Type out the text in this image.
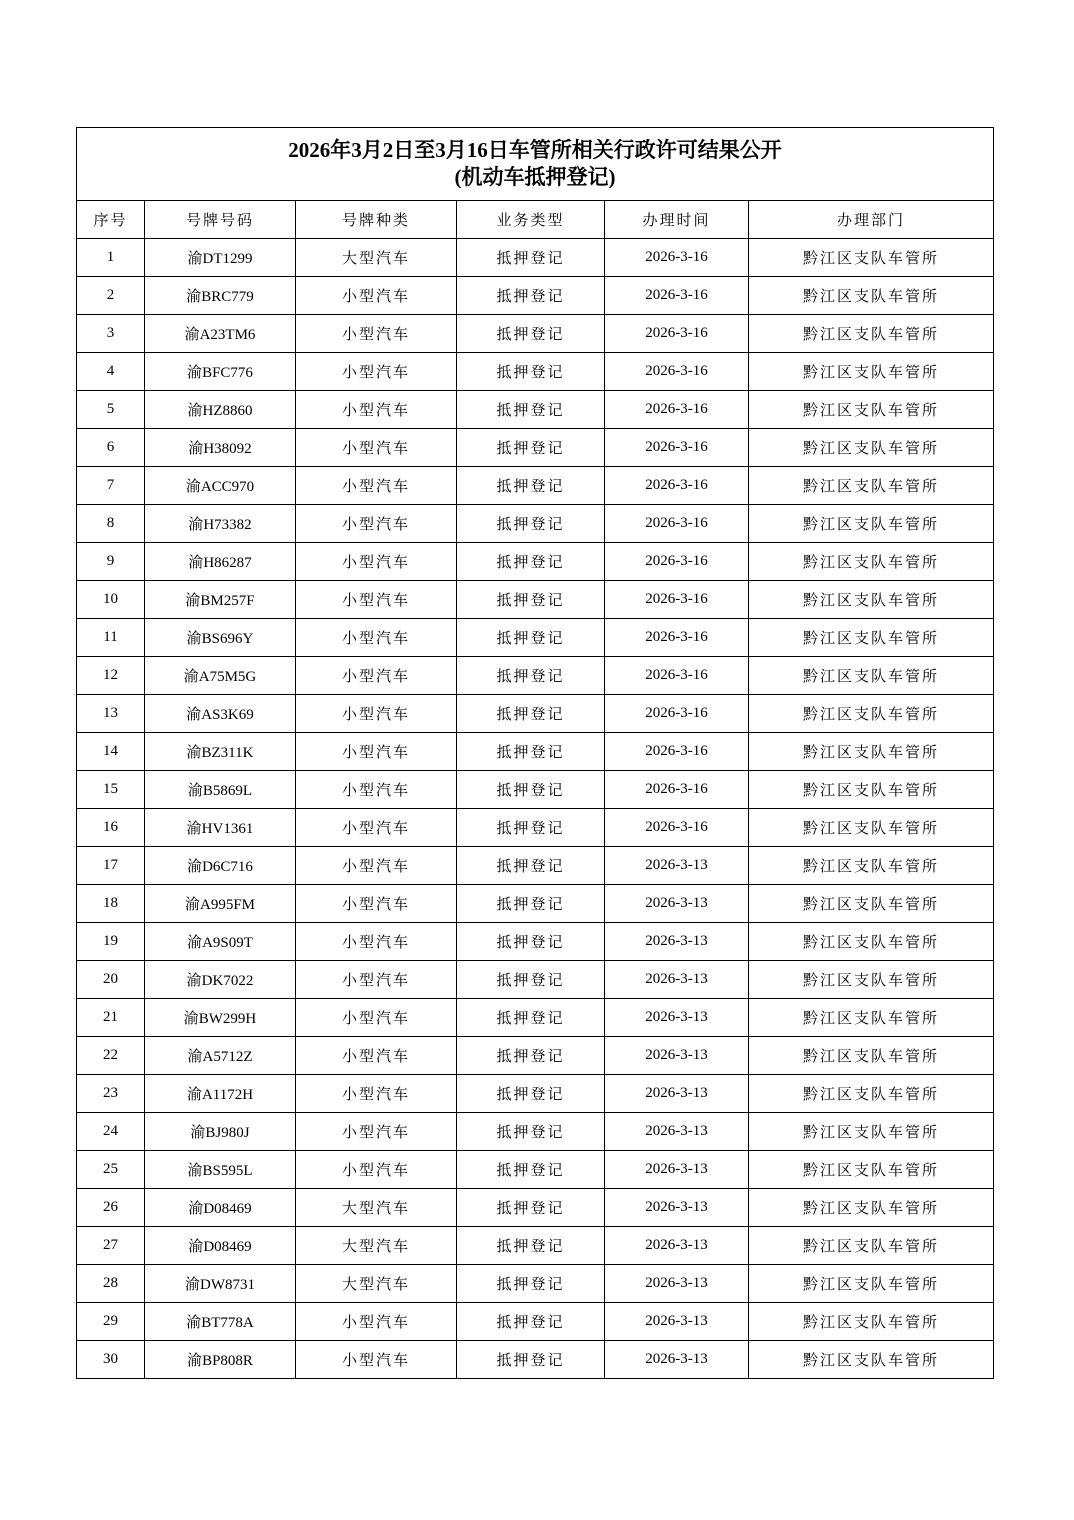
2026年3月2日至3月16日车管所相关行政许可结果公开
(机动车抵押登记)					

序号	号牌号码	号牌种类	业务类型	办理时间	办理部门
1	渝DT1299	大型汽车	抵押登记	2026-3-16	黔江区支队车管所
2	渝BRC779	小型汽车	抵押登记	2026-3-16	黔江区支队车管所
3	渝A23TM6	小型汽车	抵押登记	2026-3-16	黔江区支队车管所
4	渝BFC776	小型汽车	抵押登记	2026-3-16	黔江区支队车管所
5	渝HZ8860	小型汽车	抵押登记	2026-3-16	黔江区支队车管所
6	渝H38092	小型汽车	抵押登记	2026-3-16	黔江区支队车管所
7	渝ACC970	小型汽车	抵押登记	2026-3-16	黔江区支队车管所
8	渝H73382	小型汽车	抵押登记	2026-3-16	黔江区支队车管所
9	渝H86287	小型汽车	抵押登记	2026-3-16	黔江区支队车管所
10	渝BM257F	小型汽车	抵押登记	2026-3-16	黔江区支队车管所
11	渝BS696Y	小型汽车	抵押登记	2026-3-16	黔江区支队车管所
12	渝A75M5G	小型汽车	抵押登记	2026-3-16	黔江区支队车管所
13	渝AS3K69	小型汽车	抵押登记	2026-3-16	黔江区支队车管所
14	渝BZ311K	小型汽车	抵押登记	2026-3-16	黔江区支队车管所
15	渝B5869L	小型汽车	抵押登记	2026-3-16	黔江区支队车管所
16	渝HV1361	小型汽车	抵押登记	2026-3-16	黔江区支队车管所
17	渝D6C716	小型汽车	抵押登记	2026-3-13	黔江区支队车管所
18	渝A995FM	小型汽车	抵押登记	2026-3-13	黔江区支队车管所
19	渝A9S09T	小型汽车	抵押登记	2026-3-13	黔江区支队车管所
20	渝DK7022	小型汽车	抵押登记	2026-3-13	黔江区支队车管所
21	渝BW299H	小型汽车	抵押登记	2026-3-13	黔江区支队车管所
22	渝A5712Z	小型汽车	抵押登记	2026-3-13	黔江区支队车管所
23	渝A1172H	小型汽车	抵押登记	2026-3-13	黔江区支队车管所
24	渝BJ980J	小型汽车	抵押登记	2026-3-13	黔江区支队车管所
25	渝BS595L	小型汽车	抵押登记	2026-3-13	黔江区支队车管所
26	渝D08469	大型汽车	抵押登记	2026-3-13	黔江区支队车管所
27	渝D08469	大型汽车	抵押登记	2026-3-13	黔江区支队车管所
28	渝DW8731	大型汽车	抵押登记	2026-3-13	黔江区支队车管所
29	渝BT778A	小型汽车	抵押登记	2026-3-13	黔江区支队车管所
30	渝BP808R	小型汽车	抵押登记	2026-3-13	黔江区支队车管所
